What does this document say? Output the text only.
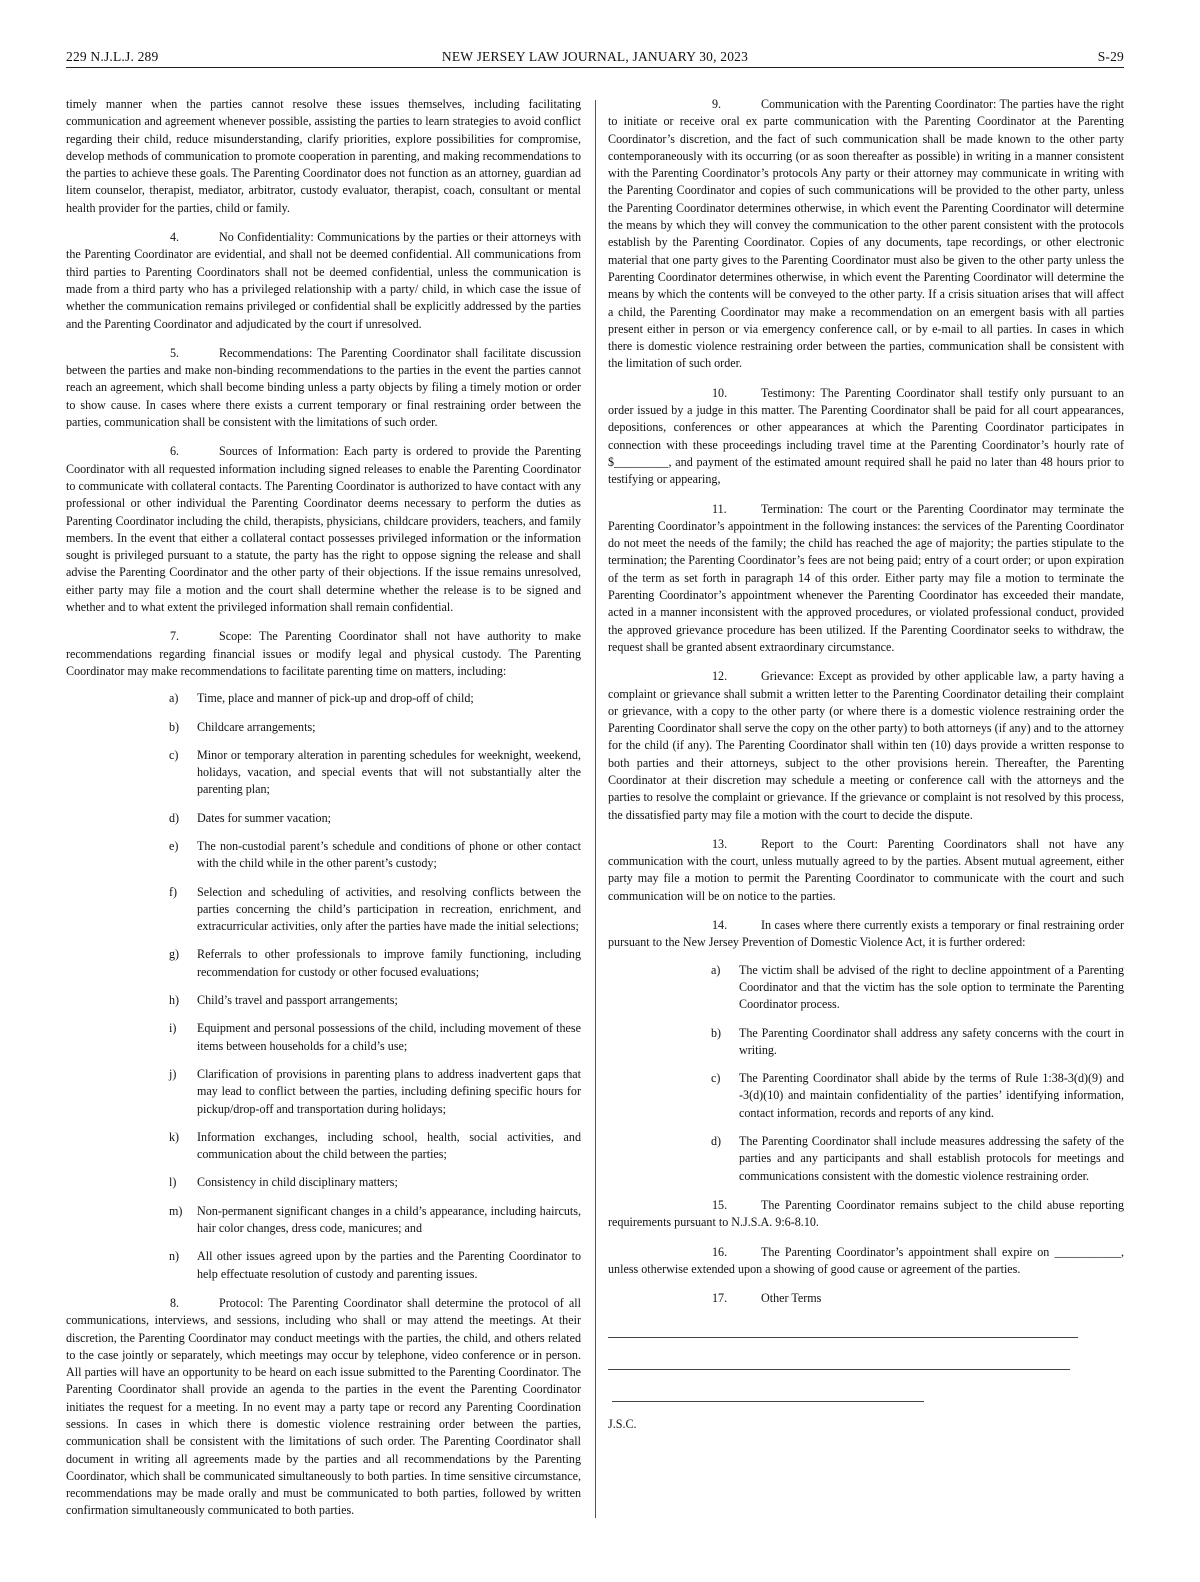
229 N.J.L.J. 289	NEW JERSEY LAW JOURNAL, JANUARY 30, 2023	S-29

timely manner when the parties cannot resolve these issues themselves, including facilitating communication and agreement whenever possible, assisting the parties to learn strategies to avoid conflict regarding their child, reduce misunderstanding, clarify priorities, explore possibilities for compromise, develop methods of communication to promote cooperation in parenting, and making recommendations to the parties to achieve these goals. The Parenting Coordinator does not function as an attorney, guardian ad litem counselor, therapist, mediator, arbitrator, custody evaluator, therapist, coach, consultant or mental health provider for the parties, child or family.

4.	No Confidentiality: Communications by the parties or their attorneys with the Parenting Coordinator are evidential, and shall not be deemed confidential. All communications from third parties to Parenting Coordinators shall not be deemed confidential, unless the communication is made from a third party who has a privileged relationship with a party/ child, in which case the issue of whether the communication remains privileged or confidential shall be explicitly addressed by the parties and the Parenting Coordinator and adjudicated by the court if unresolved.

5.	Recommendations: The Parenting Coordinator shall facilitate discussion between the parties and make non-binding recommendations to the parties in the event the parties cannot reach an agreement, which shall become binding unless a party objects by filing a timely motion or order to show cause. In cases where there exists a current temporary or final restraining order between the parties, communication shall be consistent with the limitations of such order.

6.	Sources of Information: Each party is ordered to provide the Parenting Coordinator with all requested information including signed releases to enable the Parenting Coordinator to communicate with collateral contacts. The Parenting Coordinator is authorized to have contact with any professional or other individual the Parenting Coordinator deems necessary to perform the duties as Parenting Coordinator including the child, therapists, physicians, childcare providers, teachers, and family members. In the event that either a collateral contact possesses privileged information or the information sought is privileged pursuant to a statute, the party has the right to oppose signing the release and shall advise the Parenting Coordinator and the other party of their objections. If the issue remains unresolved, either party may file a motion and the court shall determine whether the release is to be signed and whether and to what extent the privileged information shall remain confidential.

7.	Scope: The Parenting Coordinator shall not have authority to make recommendations regarding financial issues or modify legal and physical custody. The Parenting Coordinator may make recommendations to facilitate parenting time on matters, including:

a)	Time, place and manner of pick-up and drop-off of child;
b)	Childcare arrangements;
c)	Minor or temporary alteration in parenting schedules for weeknight, weekend, holidays, vacation, and special events that will not substantially alter the parenting plan;
d)	Dates for summer vacation;
e)	The non-custodial parent’s schedule and conditions of phone or other contact with the child while in the other parent’s custody;
f)	Selection and scheduling of activities, and resolving conflicts between the parties concerning the child’s participation in recreation, enrichment, and extracurricular activities, only after the parties have made the initial selections;
g)	Referrals to other professionals to improve family functioning, including recommendation for custody or other focused evaluations;
h)	Child’s travel and passport arrangements;
i)	Equipment and personal possessions of the child, including movement of these items between households for a child’s use;
j)	Clarification of provisions in parenting plans to address inadvertent gaps that may lead to conflict between the parties, including defining specific hours for pickup/drop-off and transportation during holidays;
k)	Information exchanges, including school, health, social activities, and communication about the child between the parties;
l)	Consistency in child disciplinary matters;
m)	Non-permanent significant changes in a child’s appearance, including haircuts, hair color changes, dress code, manicures; and
n)	All other issues agreed upon by the parties and the Parenting Coordinator to help effectuate resolution of custody and parenting issues.

8.	Protocol: The Parenting Coordinator shall determine the protocol of all communications, interviews, and sessions, including who shall or may attend the meetings. At their discretion, the Parenting Coordinator may conduct meetings with the parties, the child, and others related to the case jointly or separately, which meetings may occur by telephone, video conference or in person. All parties will have an opportunity to be heard on each issue submitted to the Parenting Coordinator. The Parenting Coordinator shall provide an agenda to the parties in the event the Parenting Coordinator initiates the request for a meeting. In no event may a party tape or record any Parenting Coordination sessions. In cases in which there is domestic violence restraining order between the parties, communication shall be consistent with the limitations of such order. The Parenting Coordinator shall document in writing all agreements made by the parties and all recommendations by the Parenting Coordinator, which shall be communicated simultaneously to both parties. In time sensitive circumstance, recommendations may be made orally and must be communicated to both parties, followed by written confirmation simultaneously communicated to both parties.

9.	Communication with the Parenting Coordinator: The parties have the right to initiate or receive oral ex parte communication with the Parenting Coordinator at the Parenting Coordinator’s discretion, and the fact of such communication shall be made known to the other party contemporaneously with its occurring (or as soon thereafter as possible) in writing in a manner consistent with the Parenting Coordinator’s protocols Any party or their attorney may communicate in writing with the Parenting Coordinator and copies of such communications will be provided to the other party, unless the Parenting Coordinator determines otherwise, in which event the Parenting Coordinator will determine the means by which they will convey the communication to the other parent consistent with the protocols establish by the Parenting Coordinator. Copies of any documents, tape recordings, or other electronic material that one party gives to the Parenting Coordinator must also be given to the other party unless the Parenting Coordinator determines otherwise, in which event the Parenting Coordinator will determine the means by which the contents will be conveyed to the other party. If a crisis situation arises that will affect a child, the Parenting Coordinator may make a recommendation on an emergent basis with all parties present either in person or via emergency conference call, or by e-mail to all parties. In cases in which there is domestic violence restraining order between the parties, communication shall be consistent with the limitation of such order.

10.	Testimony: The Parenting Coordinator shall testify only pursuant to an order issued by a judge in this matter. The Parenting Coordinator shall be paid for all court appearances, depositions, conferences or other appearances at which the Parenting Coordinator participates in connection with these proceedings including travel time at the Parenting Coordinator’s hourly rate of $_________, and payment of the estimated amount required shall he paid no later than 48 hours prior to testifying or appearing,

11.	Termination: The court or the Parenting Coordinator may terminate the Parenting Coordinator’s appointment in the following instances: the services of the Parenting Coordinator do not meet the needs of the family; the child has reached the age of majority; the parties stipulate to the termination; the Parenting Coordinator’s fees are not being paid; entry of a court order; or upon expiration of the term as set forth in paragraph 14 of this order. Either party may file a motion to terminate the Parenting Coordinator’s appointment whenever the Parenting Coordinator has exceeded their mandate, acted in a manner inconsistent with the approved procedures, or violated professional conduct, provided the approved grievance procedure has been utilized. If the Parenting Coordinator seeks to withdraw, the request shall be granted absent extraordinary circumstance.

12.	Grievance: Except as provided by other applicable law, a party having a complaint or grievance shall submit a written letter to the Parenting Coordinator detailing their complaint or grievance, with a copy to the other party (or where there is a domestic violence restraining order the Parenting Coordinator shall serve the copy on the other party) to both attorneys (if any) and to the attorney for the child (if any). The Parenting Coordinator shall within ten (10) days provide a written response to both parties and their attorneys, subject to the other provisions herein. Thereafter, the Parenting Coordinator at their discretion may schedule a meeting or conference call with the attorneys and the parties to resolve the complaint or grievance. If the grievance or complaint is not resolved by this process, the dissatisfied party may file a motion with the court to decide the dispute.

13.	Report to the Court: Parenting Coordinators shall not have any communication with the court, unless mutually agreed to by the parties. Absent mutual agreement, either party may file a motion to permit the Parenting Coordinator to communicate with the court and such communication will be on notice to the parties.

14.	In cases where there currently exists a temporary or final restraining order pursuant to the New Jersey Prevention of Domestic Violence Act, it is further ordered:

a)	The victim shall be advised of the right to decline appointment of a Parenting Coordinator and that the victim has the sole option to terminate the Parenting Coordinator process.
b)	The Parenting Coordinator shall address any safety concerns with the court in writing.
c)	The Parenting Coordinator shall abide by the terms of Rule 1:38-3(d)(9) and -3(d)(10) and maintain confidentiality of the parties’ identifying information, contact information, records and reports of any kind.
d)	The Parenting Coordinator shall include measures addressing the safety of the parties and any participants and shall establish protocols for meetings and communications consistent with the domestic violence restraining order.

15.	The Parenting Coordinator remains subject to the child abuse reporting requirements pursuant to N.J.S.A. 9:6-8.10.

16.	The Parenting Coordinator’s appointment shall expire on ___________, unless otherwise extended upon a showing of good cause or agreement of the parties.

17.	Other Terms

J.S.C.
